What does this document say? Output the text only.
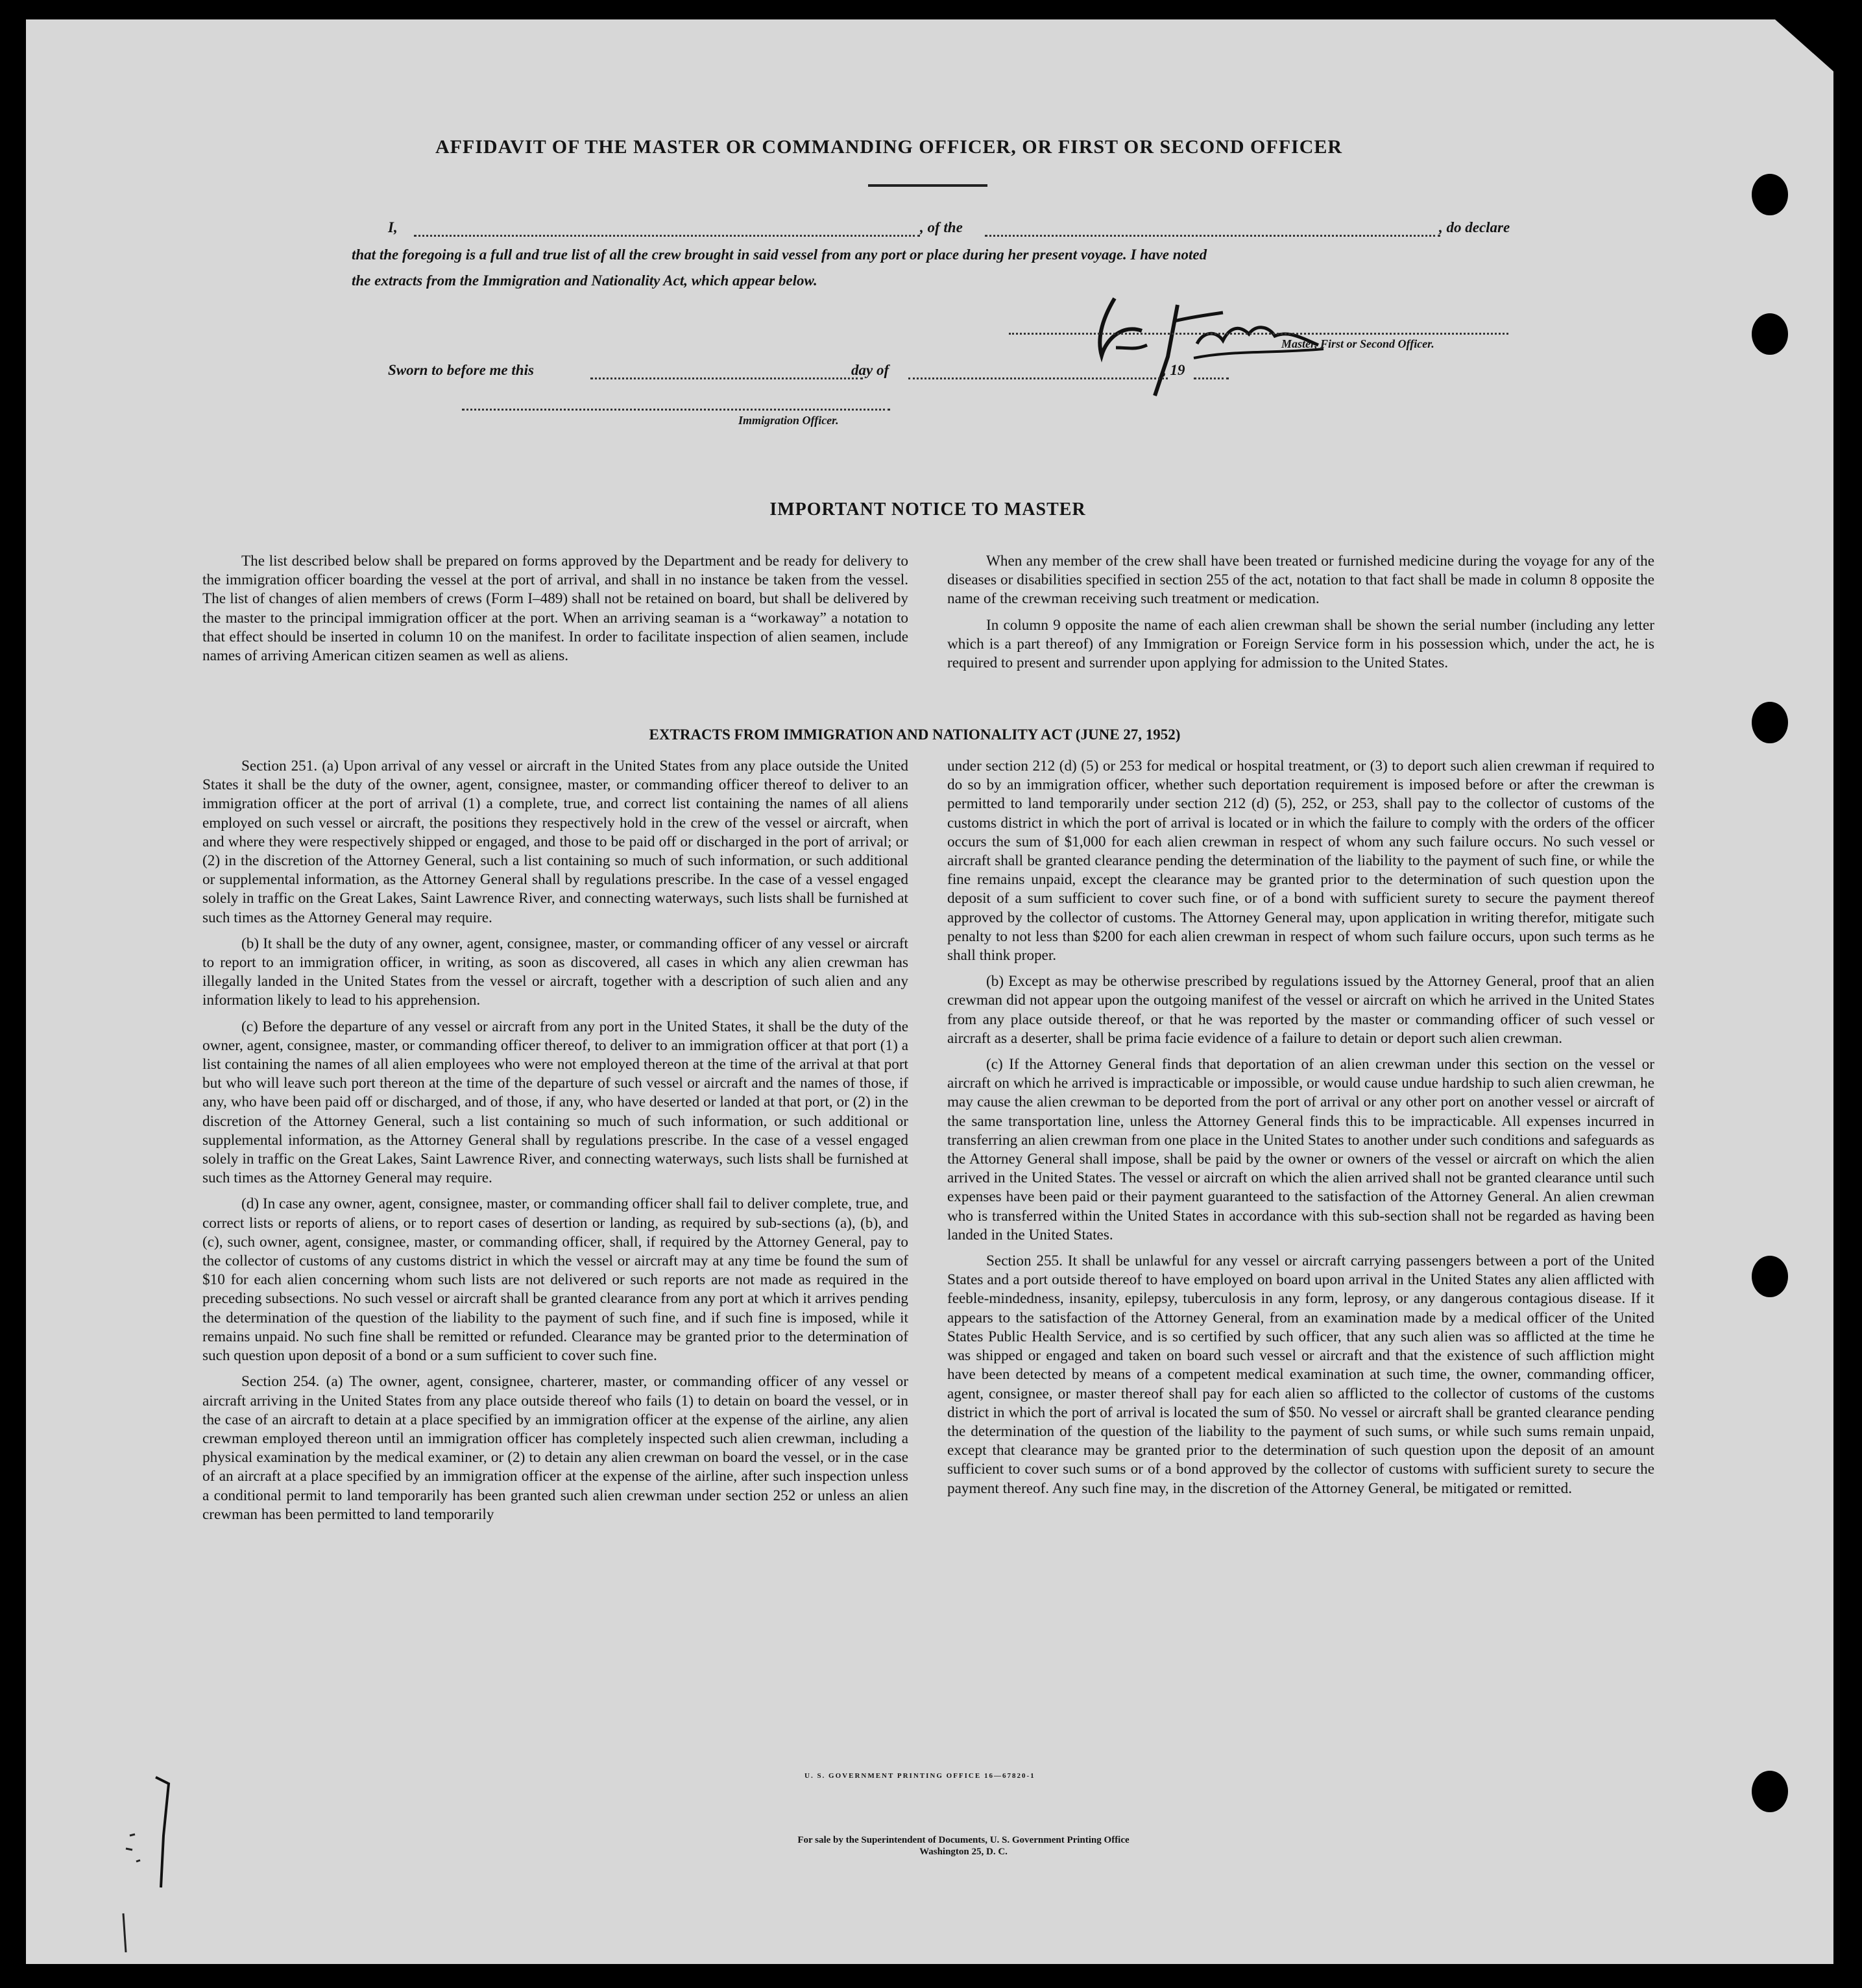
AFFIDAVIT OF THE MASTER OR COMMANDING OFFICER, OR FIRST OR SECOND OFFICER
I,	, of the	, do declare

that the foregoing is a full and true list of all the crew brought in said vessel from any port or place during her present voyage. I have noted

the extracts from the Immigration and Nationality Act, which appear below.

Master, First or Second Officer.
Sworn to before me this	day of	, 19
Immigration Officer.
IMPORTANT NOTICE TO MASTER

The list described below shall be prepared on forms approved by the Department and be ready for delivery to the immigration officer boarding the vessel at the port of arrival, and shall in no instance be taken from the vessel. The list of changes of alien members of crews (Form I–489) shall not be retained on board, but shall be delivered by the master to the principal immigration officer at the port. When an arriving seaman is a “workaway” a notation to that effect should be inserted in column 10 on the manifest. In order to facilitate inspection of alien seamen, include names of arriving American citizen seamen as well as aliens.

When any member of the crew shall have been treated or furnished medicine during the voyage for any of the diseases or disabilities specified in section 255 of the act, notation to that fact shall be made in column 8 opposite the name of the crewman receiving such treatment or medication.

In column 9 opposite the name of each alien crewman shall be shown the serial number (including any letter which is a part thereof) of any Immigration or Foreign Service form in his possession which, under the act, he is required to present and surrender upon applying for admission to the United States.

EXTRACTS FROM IMMIGRATION AND NATIONALITY ACT (JUNE 27, 1952)

Section 251. (a) Upon arrival of any vessel or aircraft in the United States from any place outside the United States it shall be the duty of the owner, agent, consignee, master, or commanding officer thereof to deliver to an immigration officer at the port of arrival (1) a complete, true, and correct list containing the names of all aliens employed on such vessel or aircraft, the positions they respectively hold in the crew of the vessel or aircraft, when and where they were respectively shipped or engaged, and those to be paid off or discharged in the port of arrival; or (2) in the discretion of the Attorney General, such a list containing so much of such information, or such additional or supplemental information, as the Attorney General shall by regulations prescribe. In the case of a vessel engaged solely in traffic on the Great Lakes, Saint Lawrence River, and connecting waterways, such lists shall be furnished at such times as the Attorney General may require.

(b) It shall be the duty of any owner, agent, consignee, master, or commanding officer of any vessel or aircraft to report to an immigration officer, in writing, as soon as discovered, all cases in which any alien crewman has illegally landed in the United States from the vessel or aircraft, together with a description of such alien and any information likely to lead to his apprehension.

(c) Before the departure of any vessel or aircraft from any port in the United States, it shall be the duty of the owner, agent, consignee, master, or commanding officer thereof, to deliver to an immigration officer at that port (1) a list containing the names of all alien employees who were not employed thereon at the time of the arrival at that port but who will leave such port thereon at the time of the departure of such vessel or aircraft and the names of those, if any, who have been paid off or discharged, and of those, if any, who have deserted or landed at that port, or (2) in the discretion of the Attorney General, such a list containing so much of such information, or such additional or supplemental information, as the Attorney General shall by regulations prescribe. In the case of a vessel engaged solely in traffic on the Great Lakes, Saint Lawrence River, and connecting waterways, such lists shall be furnished at such times as the Attorney General may require.

(d) In case any owner, agent, consignee, master, or commanding officer shall fail to deliver complete, true, and correct lists or reports of aliens, or to report cases of desertion or landing, as required by sub-sections (a), (b), and (c), such owner, agent, consignee, master, or commanding officer, shall, if required by the Attorney General, pay to the collector of customs of any customs district in which the vessel or aircraft may at any time be found the sum of $10 for each alien concerning whom such lists are not delivered or such reports are not made as required in the preceding subsections. No such vessel or aircraft shall be granted clearance from any port at which it arrives pending the determination of the question of the liability to the payment of such fine, and if such fine is imposed, while it remains unpaid. No such fine shall be remitted or refunded. Clearance may be granted prior to the determination of such question upon deposit of a bond or a sum sufficient to cover such fine.

Section 254. (a) The owner, agent, consignee, charterer, master, or commanding officer of any vessel or aircraft arriving in the United States from any place outside thereof who fails (1) to detain on board the vessel, or in the case of an aircraft to detain at a place specified by an immigration officer at the expense of the airline, any alien crewman employed thereon until an immigration officer has completely inspected such alien crewman, including a physical examination by the medical examiner, or (2) to detain any alien crewman on board the vessel, or in the case of an aircraft at a place specified by an immigration officer at the expense of the airline, after such inspection unless a conditional permit to land temporarily has been granted such alien crewman under section 252 or unless an alien crewman has been permitted to land temporarily

under section 212 (d) (5) or 253 for medical or hospital treatment, or (3) to deport such alien crewman if required to do so by an immigration officer, whether such deportation requirement is imposed before or after the crewman is permitted to land temporarily under section 212 (d) (5), 252, or 253, shall pay to the collector of customs of the customs district in which the port of arrival is located or in which the failure to comply with the orders of the officer occurs the sum of $1,000 for each alien crewman in respect of whom any such failure occurs. No such vessel or aircraft shall be granted clearance pending the determination of the liability to the payment of such fine, or while the fine remains unpaid, except the clearance may be granted prior to the determination of such question upon the deposit of a sum sufficient to cover such fine, or of a bond with sufficient surety to secure the payment thereof approved by the collector of customs. The Attorney General may, upon application in writing therefor, mitigate such penalty to not less than $200 for each alien crewman in respect of whom such failure occurs, upon such terms as he shall think proper.

(b) Except as may be otherwise prescribed by regulations issued by the Attorney General, proof that an alien crewman did not appear upon the outgoing manifest of the vessel or aircraft on which he arrived in the United States from any place outside thereof, or that he was reported by the master or commanding officer of such vessel or aircraft as a deserter, shall be prima facie evidence of a failure to detain or deport such alien crewman.

(c) If the Attorney General finds that deportation of an alien crewman under this section on the vessel or aircraft on which he arrived is impracticable or impossible, or would cause undue hardship to such alien crewman, he may cause the alien crewman to be deported from the port of arrival or any other port on another vessel or aircraft of the same transportation line, unless the Attorney General finds this to be impracticable. All expenses incurred in transferring an alien crewman from one place in the United States to another under such conditions and safeguards as the Attorney General shall impose, shall be paid by the owner or owners of the vessel or aircraft on which the alien arrived in the United States. The vessel or aircraft on which the alien arrived shall not be granted clearance until such expenses have been paid or their payment guaranteed to the satisfaction of the Attorney General. An alien crewman who is transferred within the United States in accordance with this sub-section shall not be regarded as having been landed in the United States.

Section 255. It shall be unlawful for any vessel or aircraft carrying passengers between a port of the United States and a port outside thereof to have employed on board upon arrival in the United States any alien afflicted with feeble-mindedness, insanity, epilepsy, tuberculosis in any form, leprosy, or any dangerous contagious disease. If it appears to the satisfaction of the Attorney General, from an examination made by a medical officer of the United States Public Health Service, and is so certified by such officer, that any such alien was so afflicted at the time he was shipped or engaged and taken on board such vessel or aircraft and that the existence of such affliction might have been detected by means of a competent medical examination at such time, the owner, commanding officer, agent, consignee, or master thereof shall pay for each alien so afflicted to the collector of customs of the customs district in which the port of arrival is located the sum of $50. No vessel or aircraft shall be granted clearance pending the determination of the question of the liability to the payment of such sums, or while such sums remain unpaid, except that clearance may be granted prior to the determination of such question upon the deposit of an amount sufficient to cover such sums or of a bond approved by the collector of customs with sufficient surety to secure the payment thereof. Any such fine may, in the discretion of the Attorney General, be mitigated or remitted.

U. S. GOVERNMENT PRINTING OFFICE 16—67820-1
For sale by the Superintendent of Documents, U. S. Government Printing Office
Washington 25, D. C.
